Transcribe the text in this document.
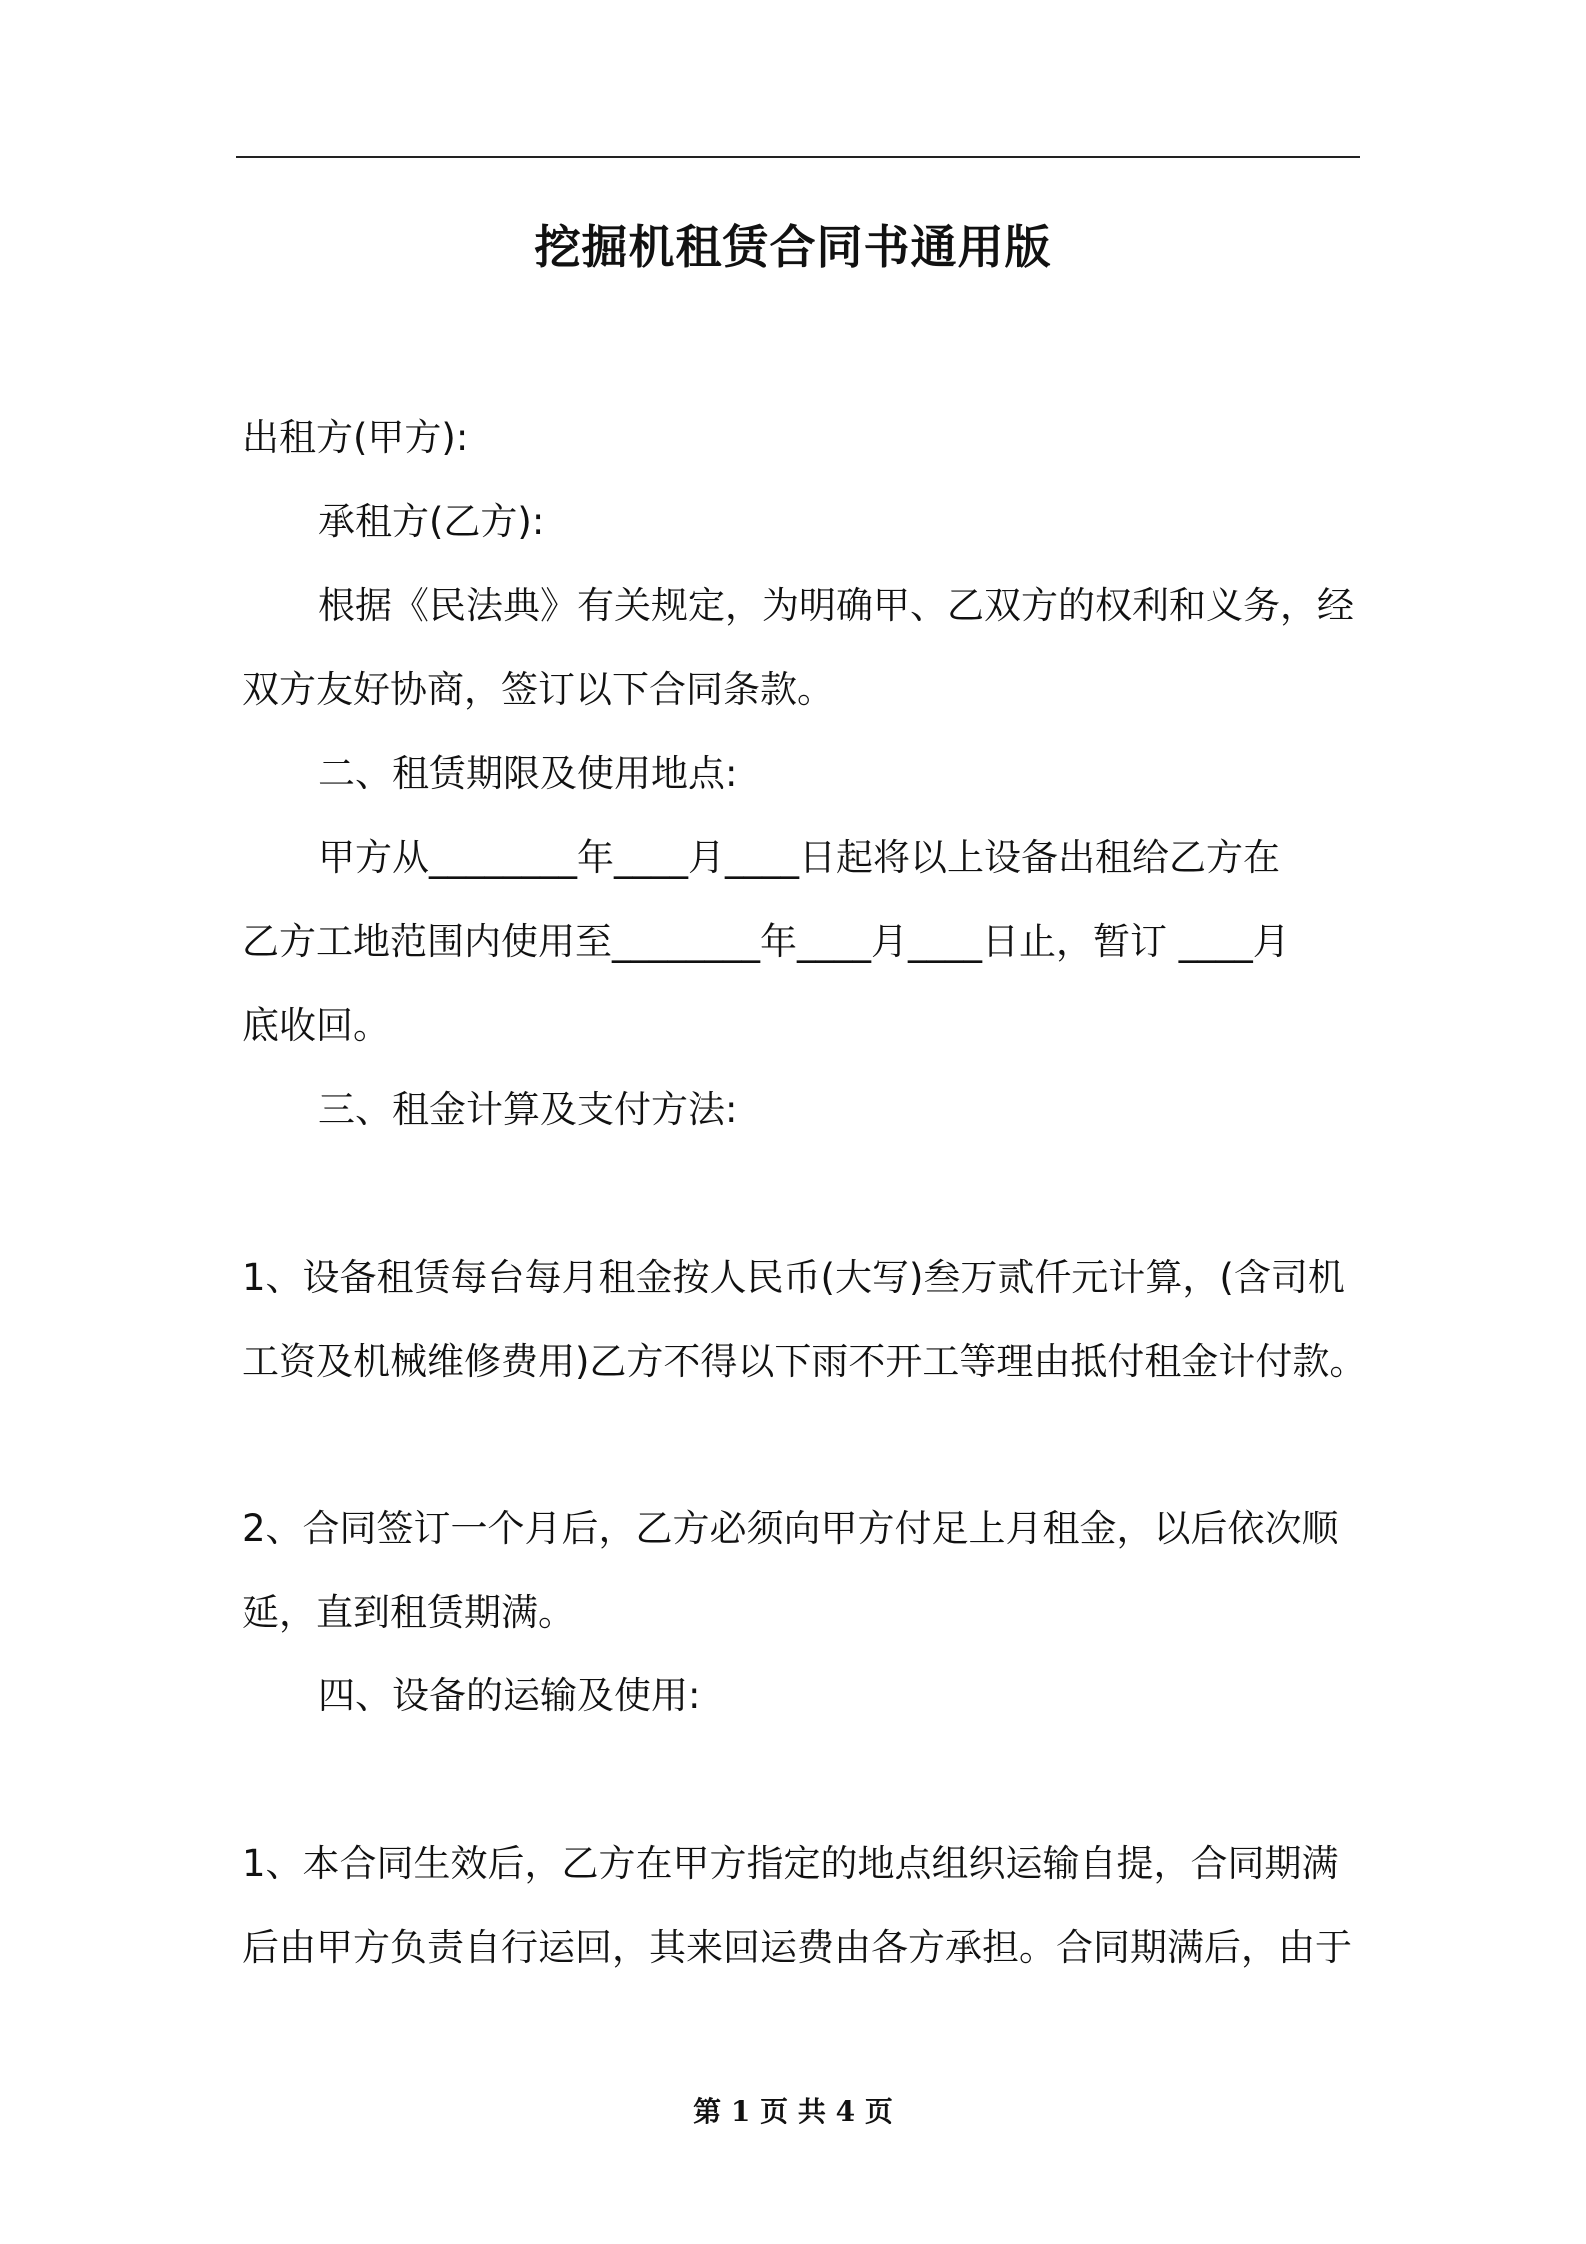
挖掘机租赁合同书通用版
出租方(甲方):
承租方(乙方):
根据《民法典》有关规定，为明确甲、乙双方的权利和义务，经
双方友好协商，签订以下合同条款。
二、租赁期限及使用地点:
甲方从________年____月____日起将以上设备出租给乙方在
乙方工地范围内使用至________年____月____日止，暂订 ____月
底收回。
三、租金计算及支付方法:
1、设备租赁每台每月租金按人民币(大写)叁万贰仟元计算，(含司机
工资及机械维修费用)乙方不得以下雨不开工等理由抵付租金计付款。
2、合同签订一个月后，乙方必须向甲方付足上月租金，以后依次顺
延，直到租赁期满。
四、设备的运输及使用:
1、本合同生效后，乙方在甲方指定的地点组织运输自提，合同期满
后由甲方负责自行运回，其来回运费由各方承担。合同期满后，由于
第 1 页 共 4 页
